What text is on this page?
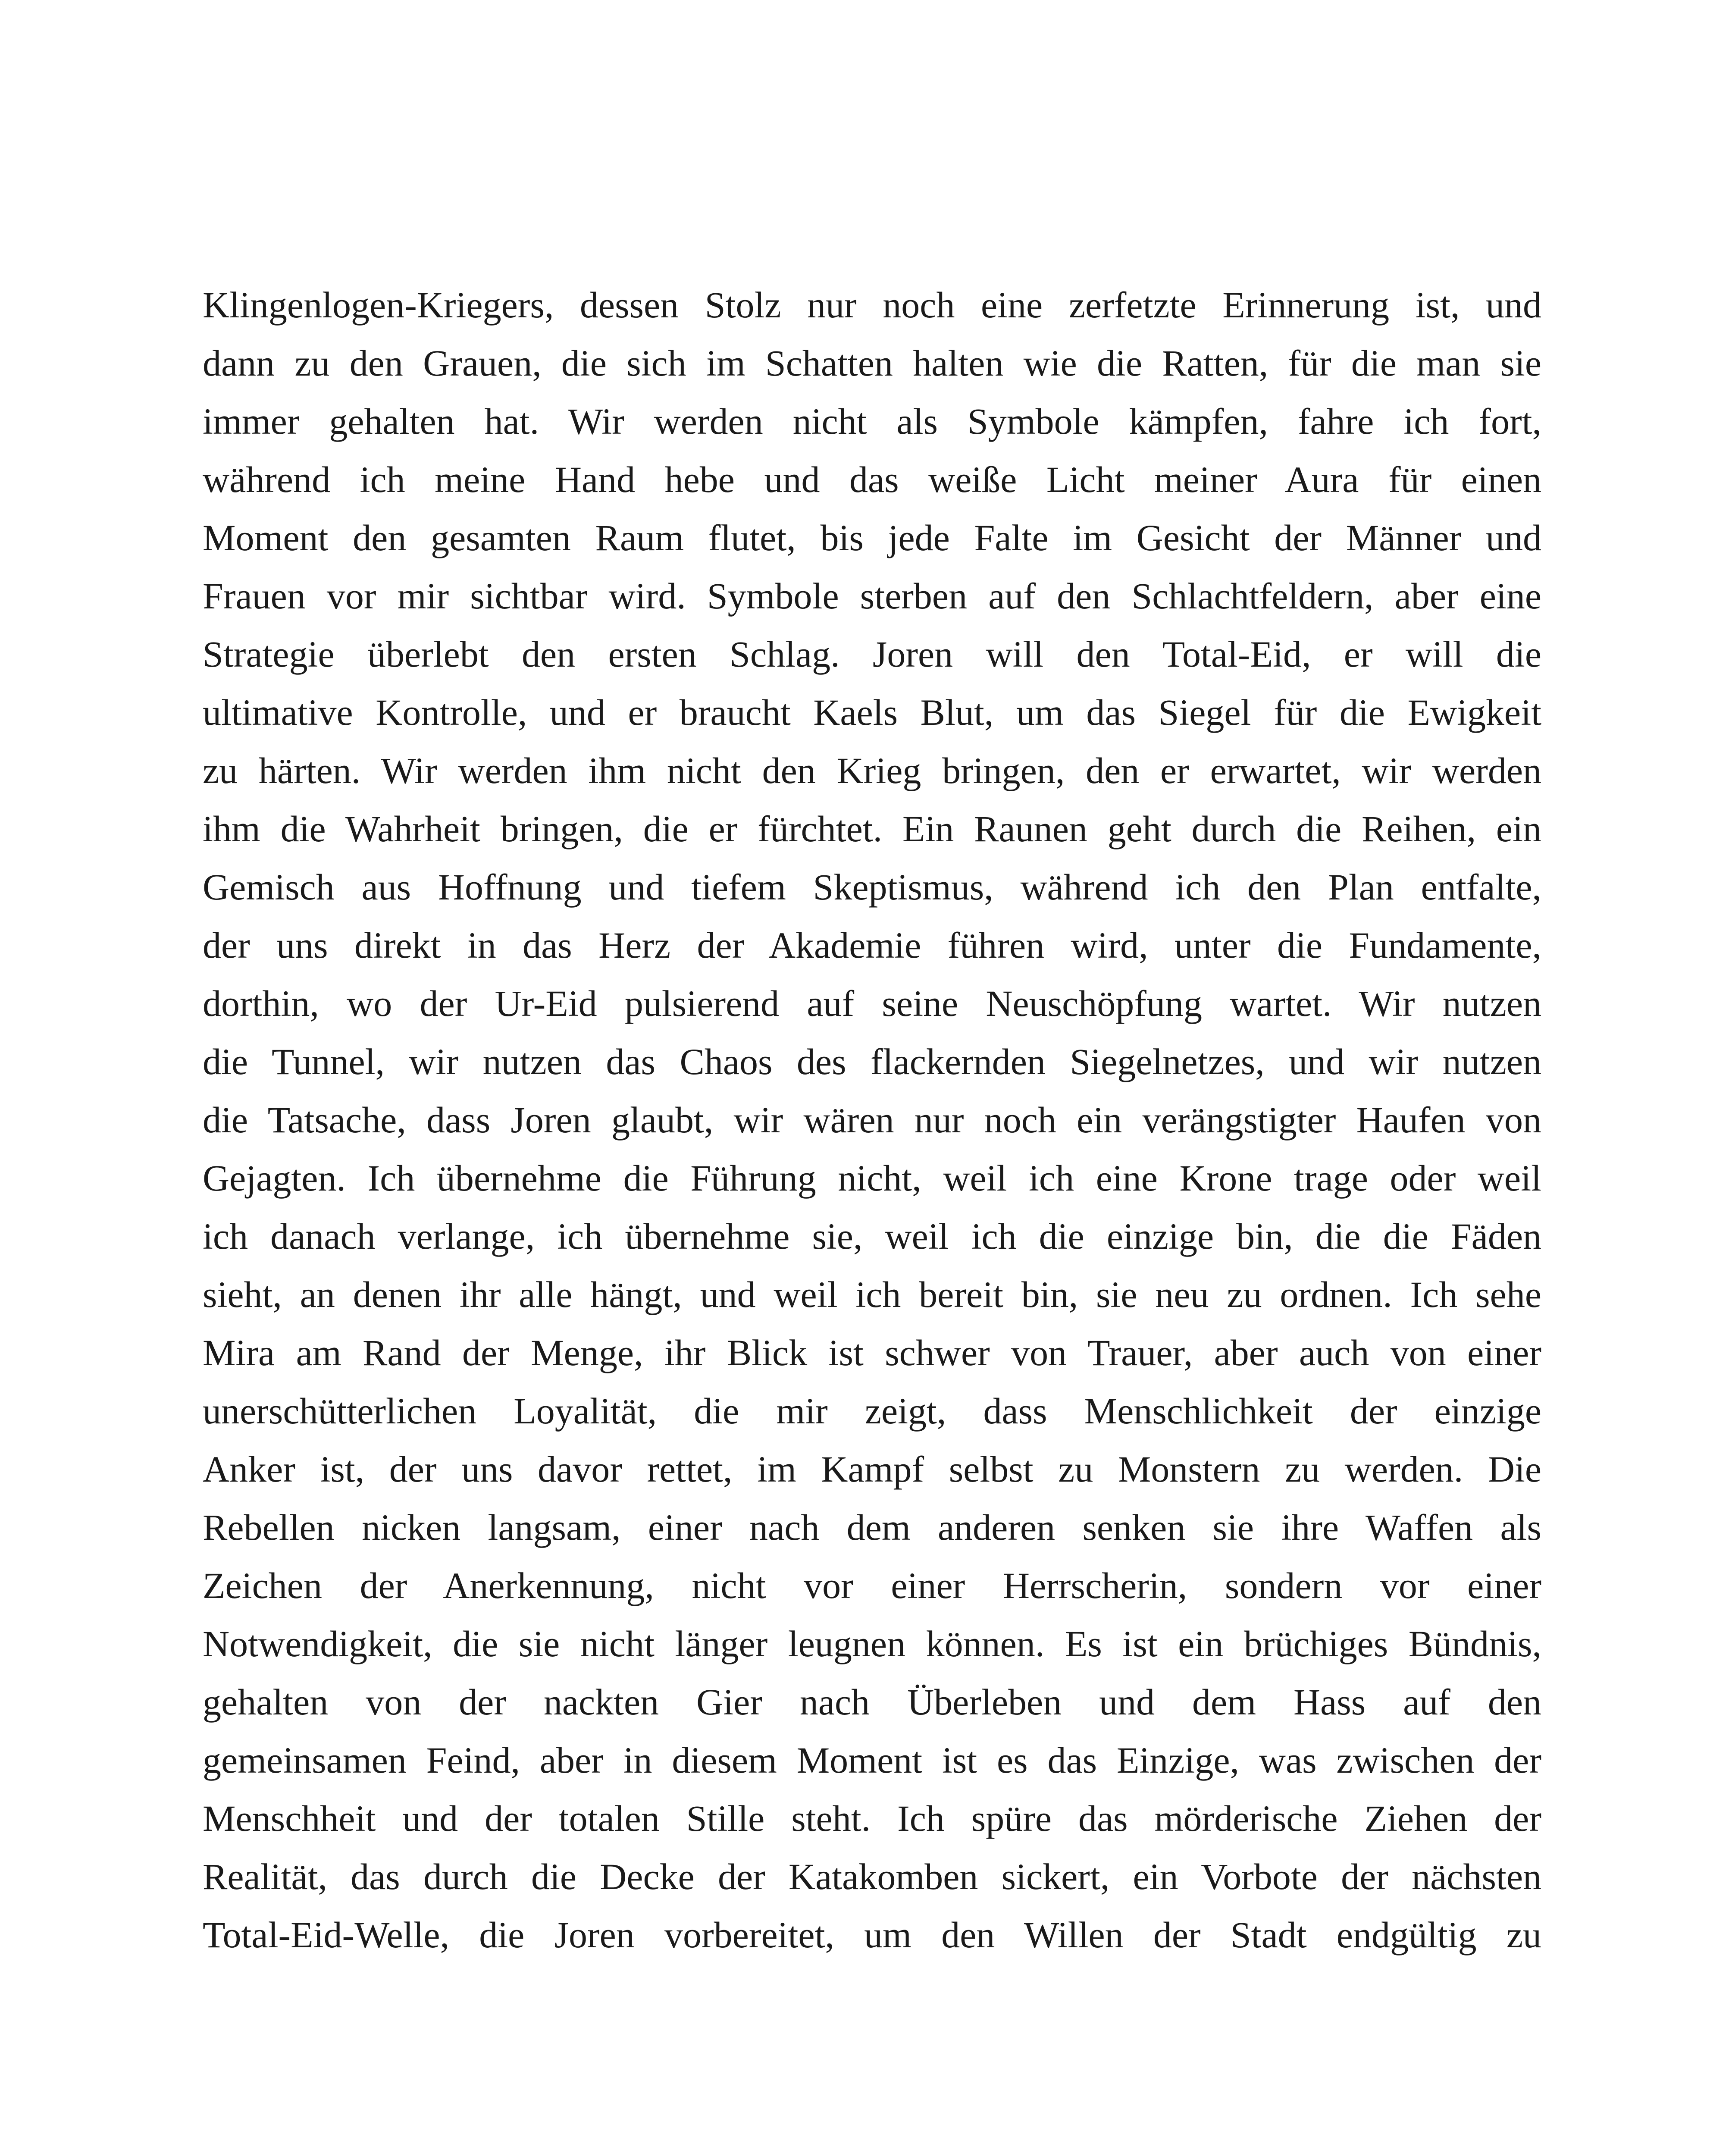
Klingenlogen-Kriegers, dessen Stolz nur noch eine zerfetzte Erinnerung ist, und
dann zu den Grauen, die sich im Schatten halten wie die Ratten, für die man sie
immer gehalten hat. Wir werden nicht als Symbole kämpfen, fahre ich fort,
während ich meine Hand hebe und das weiße Licht meiner Aura für einen
Moment den gesamten Raum flutet, bis jede Falte im Gesicht der Männer und
Frauen vor mir sichtbar wird. Symbole sterben auf den Schlachtfeldern, aber eine
Strategie überlebt den ersten Schlag. Joren will den Total-Eid, er will die
ultimative Kontrolle, und er braucht Kaels Blut, um das Siegel für die Ewigkeit
zu härten. Wir werden ihm nicht den Krieg bringen, den er erwartet, wir werden
ihm die Wahrheit bringen, die er fürchtet. Ein Raunen geht durch die Reihen, ein
Gemisch aus Hoffnung und tiefem Skeptismus, während ich den Plan entfalte,
der uns direkt in das Herz der Akademie führen wird, unter die Fundamente,
dorthin, wo der Ur-Eid pulsierend auf seine Neuschöpfung wartet. Wir nutzen
die Tunnel, wir nutzen das Chaos des flackernden Siegelnetzes, und wir nutzen
die Tatsache, dass Joren glaubt, wir wären nur noch ein verängstigter Haufen von
Gejagten. Ich übernehme die Führung nicht, weil ich eine Krone trage oder weil
ich danach verlange, ich übernehme sie, weil ich die einzige bin, die die Fäden
sieht, an denen ihr alle hängt, und weil ich bereit bin, sie neu zu ordnen. Ich sehe
Mira am Rand der Menge, ihr Blick ist schwer von Trauer, aber auch von einer
unerschütterlichen Loyalität, die mir zeigt, dass Menschlichkeit der einzige
Anker ist, der uns davor rettet, im Kampf selbst zu Monstern zu werden. Die
Rebellen nicken langsam, einer nach dem anderen senken sie ihre Waffen als
Zeichen der Anerkennung, nicht vor einer Herrscherin, sondern vor einer
Notwendigkeit, die sie nicht länger leugnen können. Es ist ein brüchiges Bündnis,
gehalten von der nackten Gier nach Überleben und dem Hass auf den
gemeinsamen Feind, aber in diesem Moment ist es das Einzige, was zwischen der
Menschheit und der totalen Stille steht. Ich spüre das mörderische Ziehen der
Realität, das durch die Decke der Katakomben sickert, ein Vorbote der nächsten
Total-Eid-Welle, die Joren vorbereitet, um den Willen der Stadt endgültig zu
